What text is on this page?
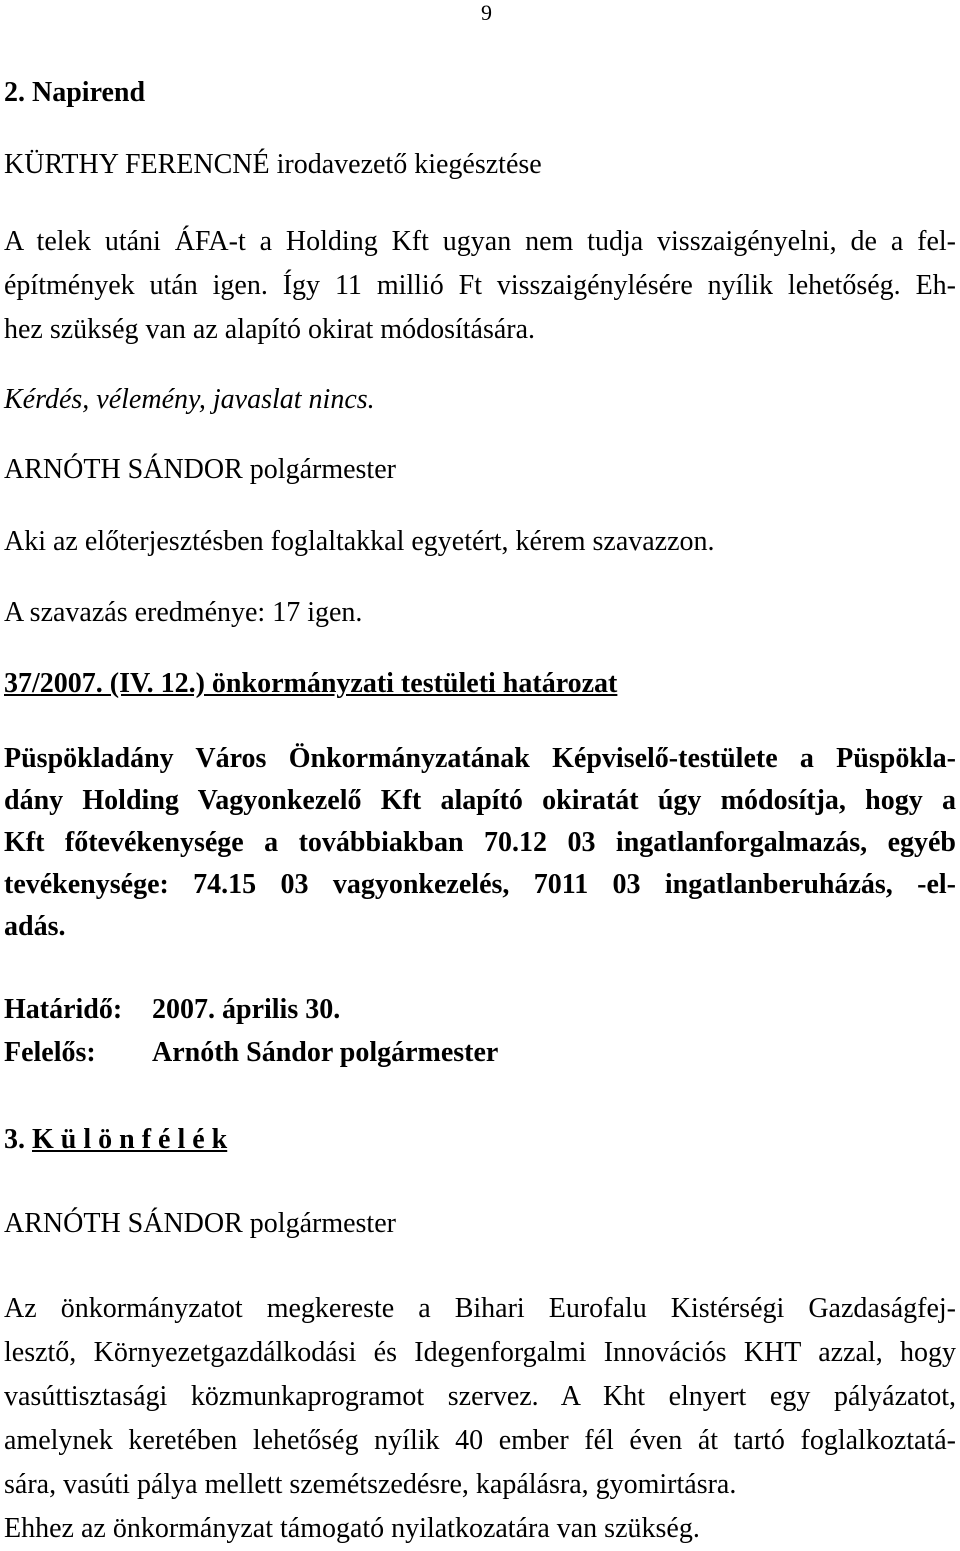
9
2. Napirend
KÜRTHY FERENCNÉ irodavezető kiegésztése
A telek utáni ÁFA-t a Holding Kft ugyan nem tudja visszaigényelni, de a fel-
építmények után igen. Így 11 millió Ft visszaigénylésére nyílik lehetőség. Eh-
hez szükség van az alapító okirat módosítására.
Kérdés, vélemény, javaslat nincs.
ARNÓTH SÁNDOR polgármester
Aki az előterjesztésben foglaltakkal egyetért, kérem szavazzon.
A szavazás eredménye: 17 igen.
37/2007. (IV. 12.) önkormányzati testületi határozat
Püspökladány Város Önkormányzatának Képviselő-testülete a Püspökla-
dány Holding Vagyonkezelő Kft alapító okiratát úgy módosítja, hogy a
Kft főtevékenysége a továbbiakban 70.12 03 ingatlanforgalmazás, egyéb
tevékenysége: 74.15 03 vagyonkezelés, 7011 03 ingatlanberuházás, -el-
adás.
Határidő: 2007. április 30.
Felelős: Arnóth Sándor polgármester
3. K ü l ö n f é l é k
ARNÓTH SÁNDOR polgármester
Az önkormányzatot megkereste a Bihari Eurofalu Kistérségi Gazdaságfej-
lesztő, Környezetgazdálkodási és Idegenforgalmi Innovációs KHT azzal, hogy
vasúttisztasági közmunkaprogramot szervez. A Kht elnyert egy pályázatot,
amelynek keretében lehetőség nyílik 40 ember fél éven át tartó foglalkoztatá-
sára, vasúti pálya mellett szemétszedésre, kapálásra, gyomirtásra.
Ehhez az önkormányzat támogató nyilatkozatára van szükség.
